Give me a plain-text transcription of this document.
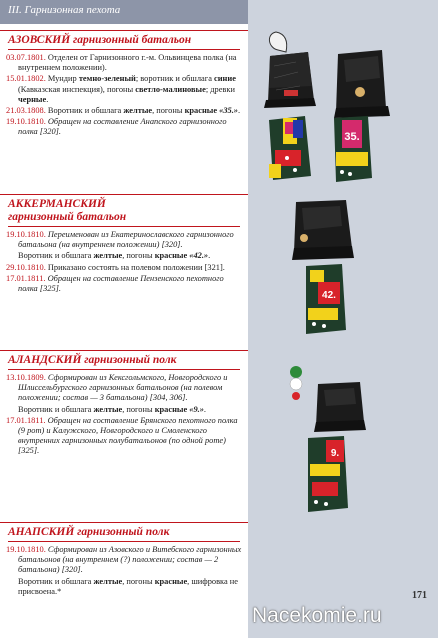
III. Гарнизонная пехота
АЗОВСКИЙ гарнизонный батальон

03.07.1801. Отделен от Гарнизонного г.-м. Ольвинцева полка (на внутреннем положении).

15.01.1802. Мундир темно-зеленый; воротник и обшлага синие (Кавказская инспекция), погоны светло-малиновые; древки черные.

21.03.1808. Воротник и обшлага желтые, погоны красные «35.».

19.10.1810. Обращен на составление Анапского гарнизонного полка [320].

АККЕРМАНСКИЙ
гарнизонный батальон

19.10.1810. Переименован из Екатеринославского гарнизонного батальона (на внутреннем положении) [320].

Воротник и обшлага желтые, погоны красные «42.».

29.10.1810. Приказано состоять на полевом положении [321].

17.01.1811. Обращен на составление Пензенского пехотного полка [325].

АЛАНДСКИЙ гарнизонный полк

13.10.1809. Сформирован из Кексгольмского, Новгородского и Шлиссельбургского гарнизонных батальонов (на полевом положении; состав — 3 батальона) [304, 306].

Воротник и обшлага желтые, погоны красные «9.».

17.01.1811. Обращен на составление Брянского пехотного полка (9 рот) и Калужского, Новгородского и Смоленского внутренних гарнизонных полубатальонов (по одной роте) [325].

АНАПСКИЙ гарнизонный полк

19.10.1810. Сформирован из Азовского и Витебского гарнизонных батальонов (на внутреннем (?) положении; состав — 2 батальона) [320].

Воротник и обшлага желтые, погоны красные, шифровка не присвоена.*

35.
42.
9.
171
Nacekomie.ru
